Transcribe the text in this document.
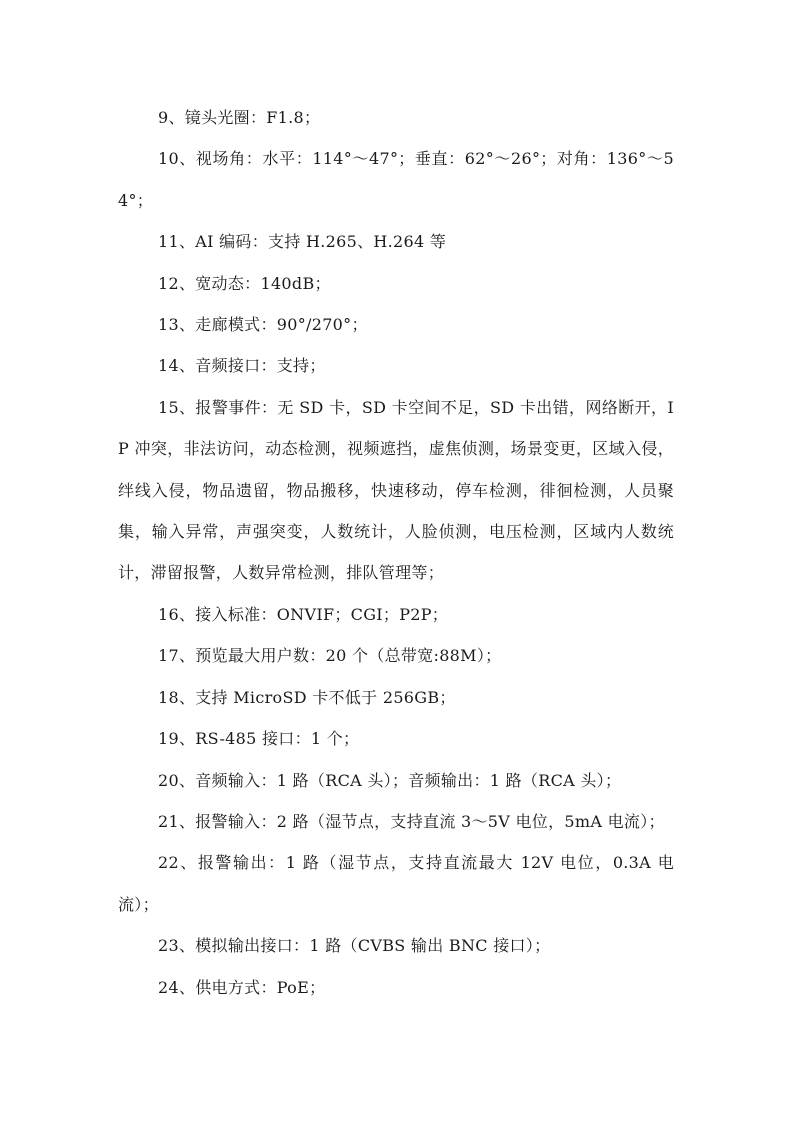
9、镜头光圈：F1.8；

10、视场角：水平：114°～47°；垂直：62°～26°；对角：136°～54°；

11、AI 编码：支持 H.265、H.264 等

12、宽动态：140dB；

13、走廊模式：90°/270°；

14、音频接口：支持；

15、报警事件：无 SD 卡，SD 卡空间不足，SD 卡出错，网络断开，IP 冲突，非法访问，动态检测，视频遮挡，虚焦侦测，场景变更，区域入侵，绊线入侵，物品遗留，物品搬移，快速移动，停车检测，徘徊检测，人员聚集，输入异常，声强突变，人数统计，人脸侦测，电压检测，区域内人数统计，滞留报警，人数异常检测，排队管理等；

16、接入标准：ONVIF；CGI；P2P；

17、预览最大用户数：20 个（总带宽:88M）；

18、支持 MicroSD 卡不低于 256GB；

19、RS-485 接口：1 个；

20、音频输入：1 路（RCA 头）；音频输出：1 路（RCA 头）；

21、报警输入：2 路（湿节点，支持直流 3～5V 电位，5mA 电流）；

22、报警输出：1 路（湿节点，支持直流最大 12V 电位，0.3A 电流）；

23、模拟输出接口：1 路（CVBS 输出 BNC 接口）；

24、供电方式：PoE；
